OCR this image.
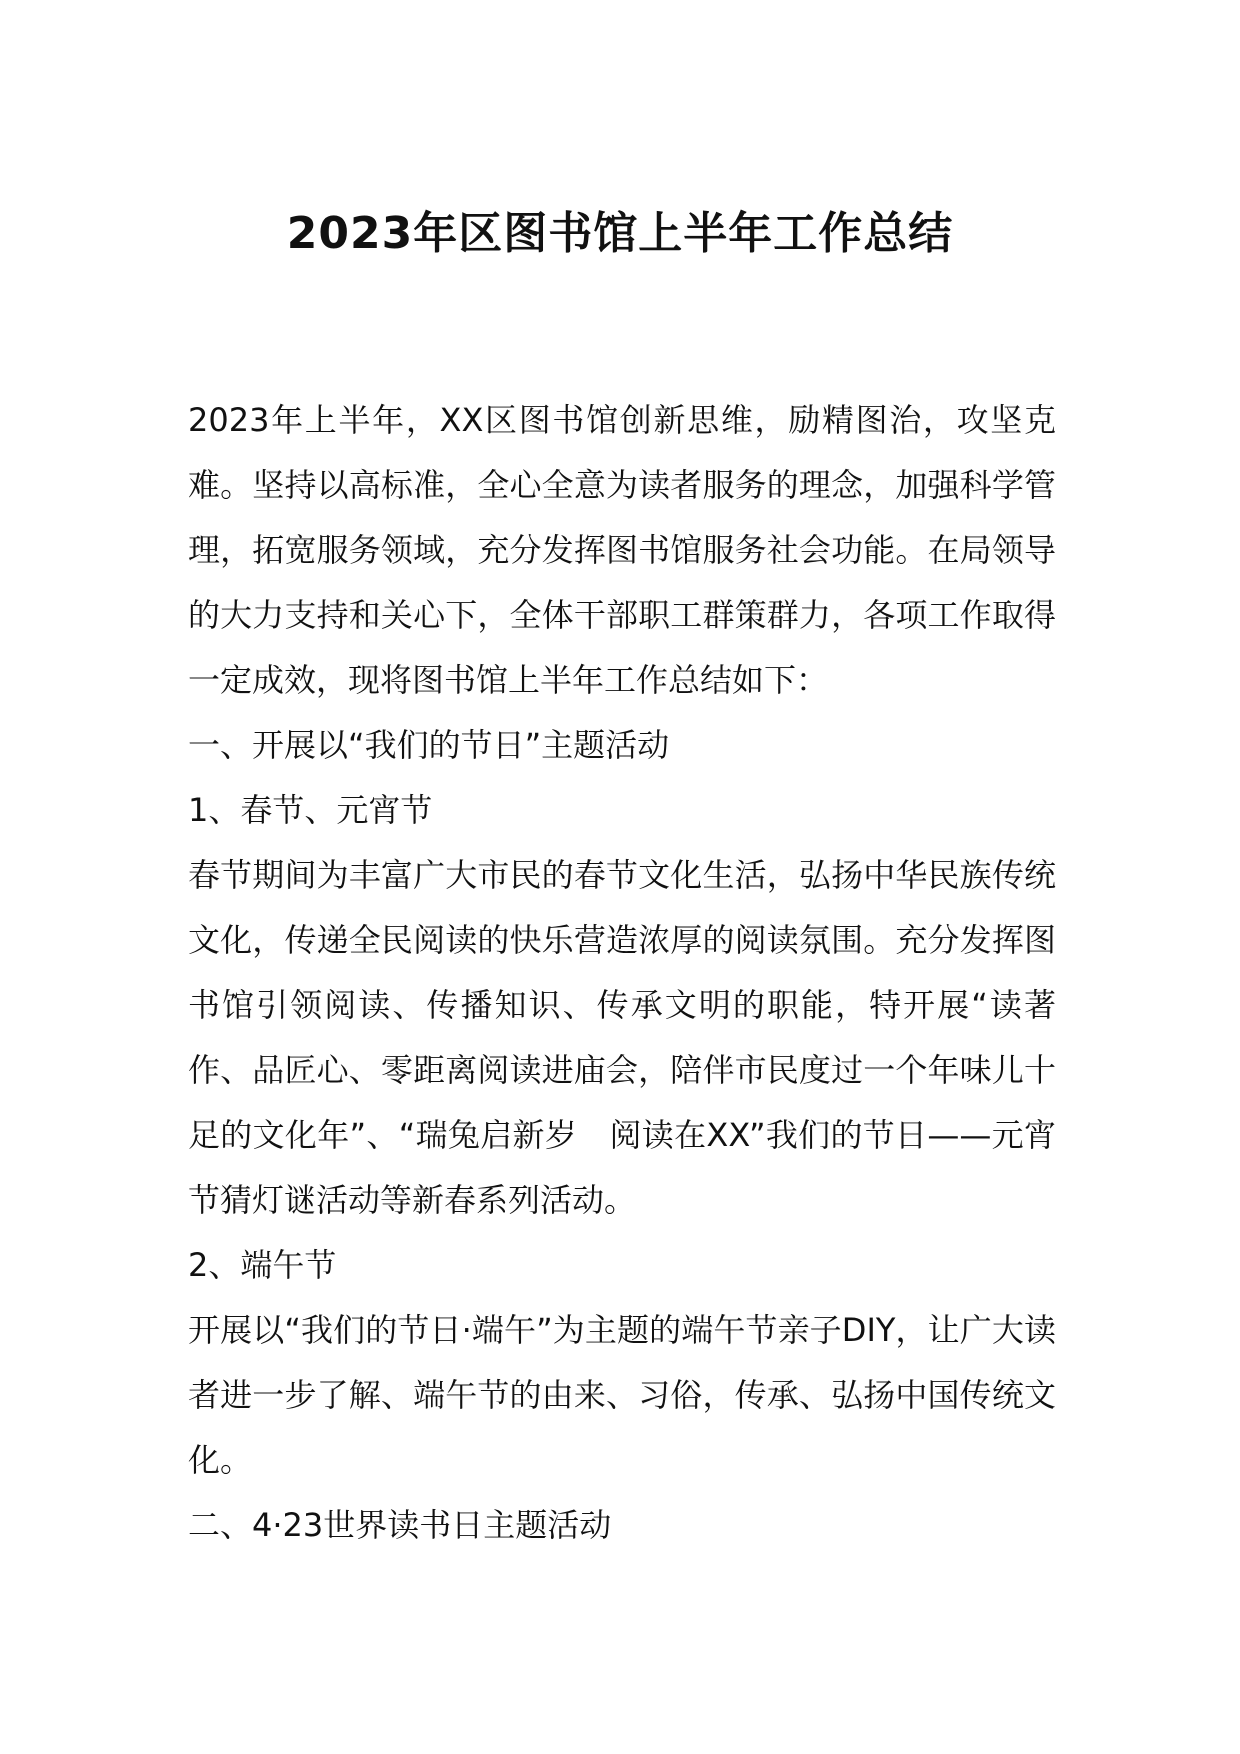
2023年区图书馆上半年工作总结

2023年上半年，XX区图书馆创新思维，励精图治，攻坚克难。坚持以高标准，全心全意为读者服务的理念，加强科学管理，拓宽服务领域，充分发挥图书馆服务社会功能。在局领导的大力支持和关心下，全体干部职工群策群力，各项工作取得一定成效，现将图书馆上半年工作总结如下：

一、开展以“我们的节日”主题活动

1、春节、元宵节

春节期间为丰富广大市民的春节文化生活，弘扬中华民族传统文化，传递全民阅读的快乐营造浓厚的阅读氛围。充分发挥图书馆引领阅读、传播知识、传承文明的职能，特开展“读著作、品匠心、零距离阅读进庙会，陪伴市民度过一个年味儿十足的文化年”、“瑞兔启新岁　阅读在XX”我们的节日——元宵节猜灯谜活动等新春系列活动。

2、端午节

开展以“我们的节日·端午”为主题的端午节亲子DIY，让广大读者进一步了解、端午节的由来、习俗，传承、弘扬中国传统文化。

二、4·23世界读书日主题活动
